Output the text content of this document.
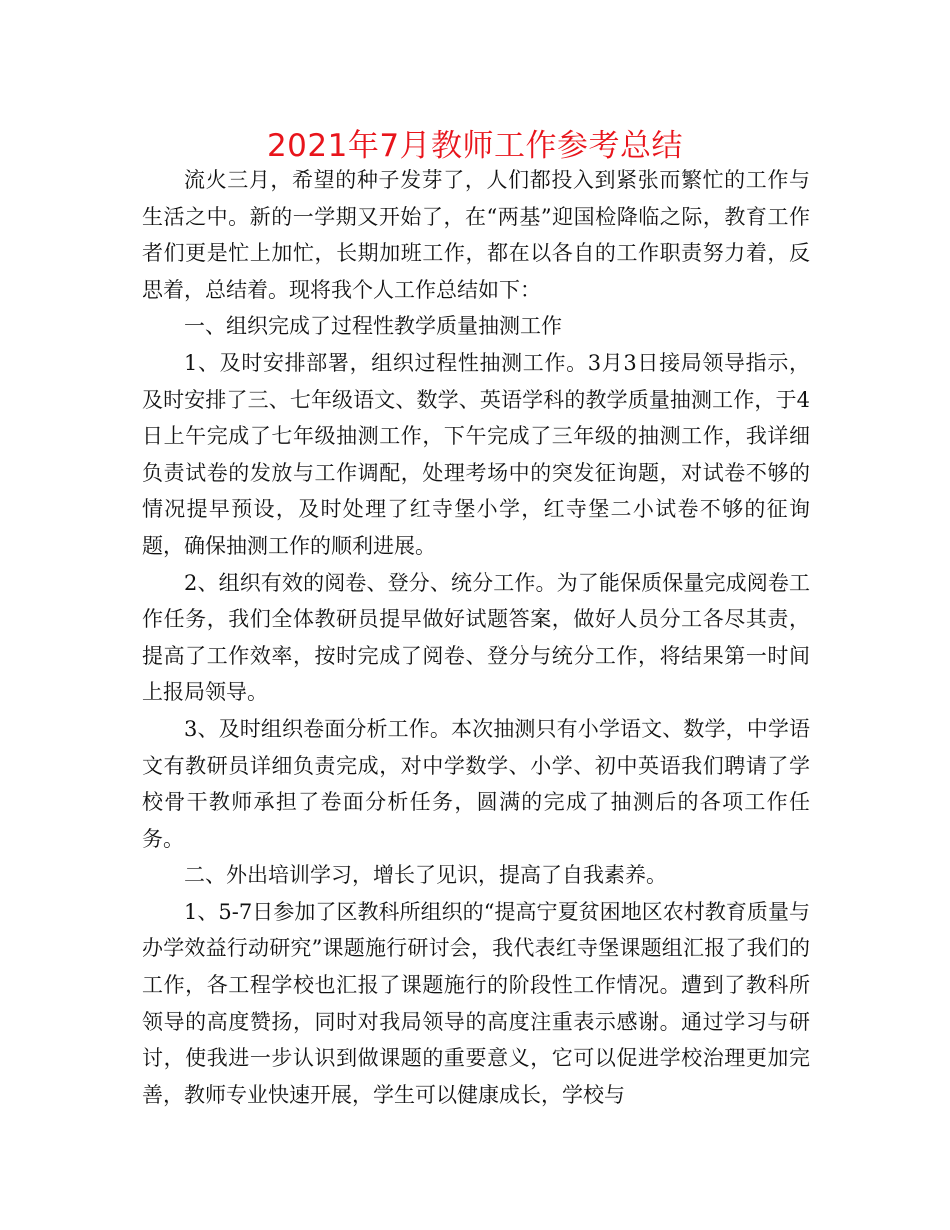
2021年7月教师工作参考总结

流火三月，希望的种子发芽了，人们都投入到紧张而繁忙的工作与生活之中。新的一学期又开始了，在“两基”迎国检降临之际，教育工作者们更是忙上加忙，长期加班工作，都在以各自的工作职责努力着，反思着，总结着。现将我个人工作总结如下：

一、组织完成了过程性教学质量抽测工作

1、及时安排部署，组织过程性抽测工作。3月3日接局领导指示，及时安排了三、七年级语文、数学、英语学科的教学质量抽测工作，于4日上午完成了七年级抽测工作，下午完成了三年级的抽测工作，我详细负责试卷的发放与工作调配，处理考场中的突发征询题，对试卷不够的情况提早预设，及时处理了红寺堡小学，红寺堡二小试卷不够的征询题，确保抽测工作的顺利进展。

2、组织有效的阅卷、登分、统分工作。为了能保质保量完成阅卷工作任务，我们全体教研员提早做好试题答案，做好人员分工各尽其责，提高了工作效率，按时完成了阅卷、登分与统分工作，将结果第一时间上报局领导。

3、及时组织卷面分析工作。本次抽测只有小学语文、数学，中学语文有教研员详细负责完成，对中学数学、小学、初中英语我们聘请了学校骨干教师承担了卷面分析任务，圆满的完成了抽测后的各项工作任务。

二、外出培训学习，增长了见识，提高了自我素养。

1、5-7日参加了区教科所组织的“提高宁夏贫困地区农村教育质量与办学效益行动研究”课题施行研讨会，我代表红寺堡课题组汇报了我们的工作，各工程学校也汇报了课题施行的阶段性工作情况。遭到了教科所领导的高度赞扬，同时对我局领导的高度注重表示感谢。通过学习与研讨，使我进一步认识到做课题的重要意义，它可以促进学校治理更加完善，教师专业快速开展，学生可以健康成长，学校与
